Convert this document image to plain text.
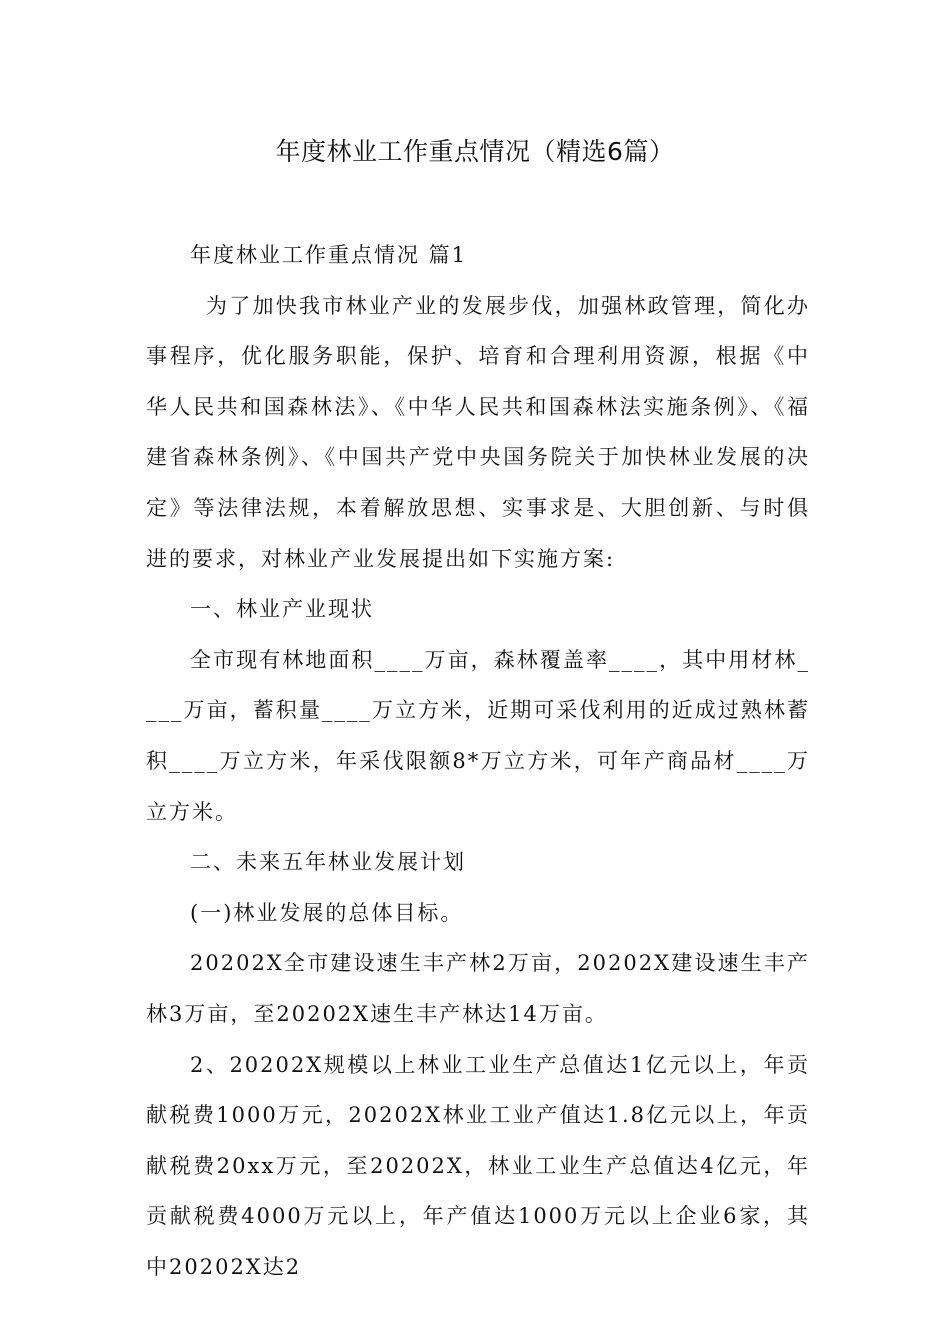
年度林业工作重点情况（精选6篇）

年度林业工作重点情况 篇1

为了加快我市林业产业的发展步伐，加强林政管理，简化办事程序，优化服务职能，保护、培育和合理利用资源，根据《中华人民共和国森林法》、《中华人民共和国森林法实施条例》、《福建省森林条例》、《中国共产党中央国务院关于加快林业发展的决定》等法律法规，本着解放思想、实事求是、大胆创新、与时俱进的要求，对林业产业发展提出如下实施方案:

一、林业产业现状

全市现有林地面积____万亩，森林覆盖率____，其中用材林____万亩，蓄积量____万立方米，近期可采伐利用的近成过熟林蓄积____万立方米，年采伐限额8*万立方米，可年产商品材____万立方米。

二、未来五年林业发展计划

(一)林业发展的总体目标。

20202X全市建设速生丰产林2万亩，20202X建设速生丰产林3万亩，至20202X速生丰产林达14万亩。

2、20202X规模以上林业工业生产总值达1亿元以上，年贡献税费1000万元，20202X林业工业产值达1.8亿元以上，年贡献税费20xx万元，至20202X，林业工业生产总值达4亿元，年贡献税费4000万元以上，年产值达1000万元以上企业6家，其中20202X达2
